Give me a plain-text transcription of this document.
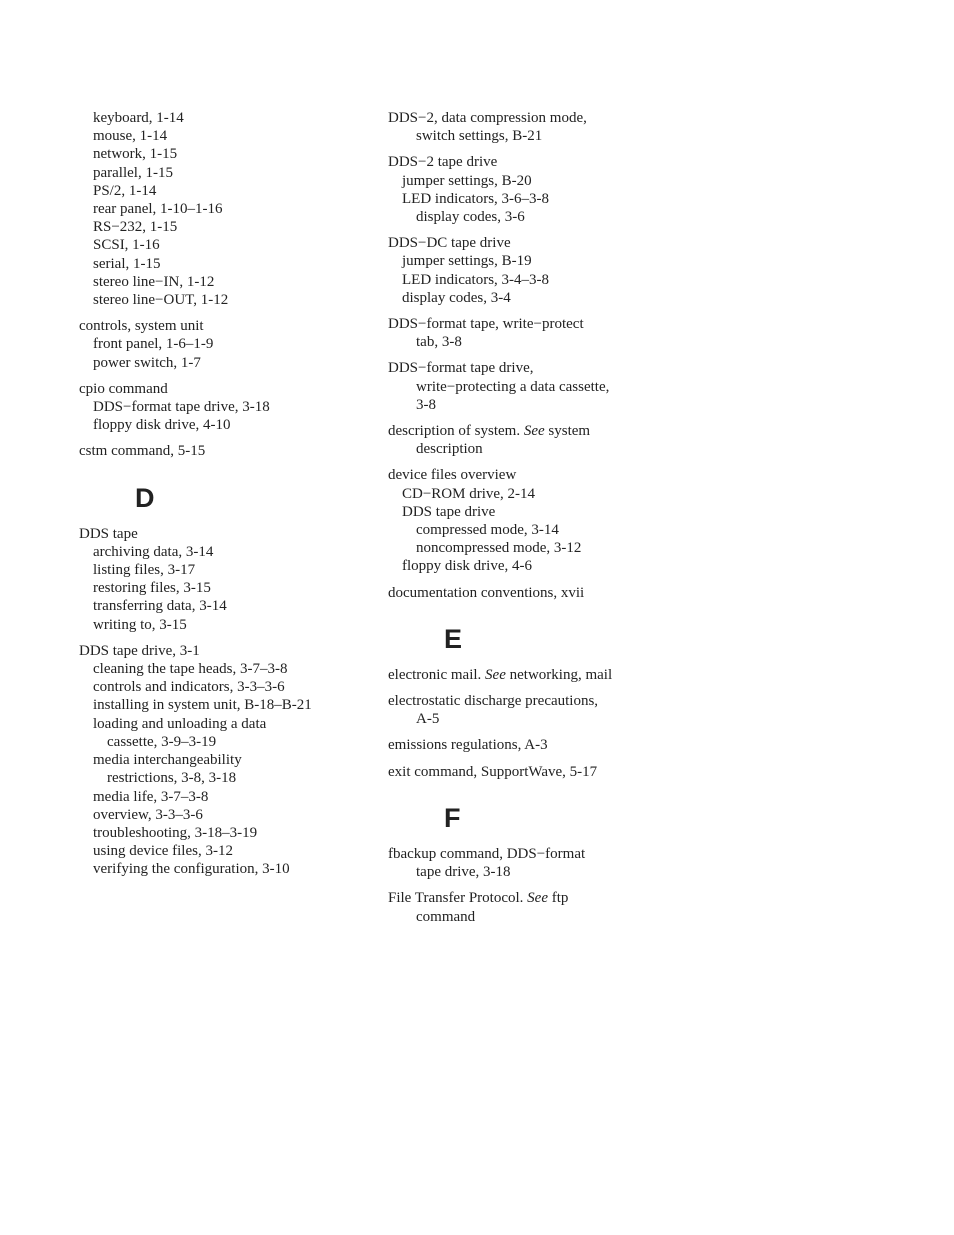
keyboard, 1-14
mouse, 1-14
network, 1-15
parallel, 1-15
PS/2, 1-14
rear panel, 1-10–1-16
RS−232, 1-15
SCSI, 1-16
serial, 1-15
stereo line−IN, 1-12
stereo line−OUT, 1-12
controls, system unit
front panel, 1-6–1-9
power switch, 1-7
cpio command
DDS−format tape drive, 3-18
floppy disk drive, 4-10
cstm command, 5-15
D
DDS tape
archiving data, 3-14
listing files, 3-17
restoring files, 3-15
transferring data, 3-14
writing to, 3-15
DDS tape drive, 3-1
cleaning the tape heads, 3-7–3-8
controls and indicators, 3-3–3-6
installing in system unit, B-18–B-21
loading and unloading a data
cassette, 3-9–3-19
media interchangeability
restrictions, 3-8, 3-18
media life, 3-7–3-8
overview, 3-3–3-6
troubleshooting, 3-18–3-19
using device files, 3-12
verifying the configuration, 3-10
DDS−2, data compression mode,
switch settings, B-21
DDS−2 tape drive
jumper settings, B-20
LED indicators, 3-6–3-8
display codes, 3-6
DDS−DC tape drive
jumper settings, B-19
LED indicators, 3-4–3-8
display codes, 3-4
DDS−format tape, write−protect
tab, 3-8
DDS−format tape drive,
write−protecting a data cassette,
3-8
description of system. See system
description
device files overview
CD−ROM drive, 2-14
DDS tape drive
compressed mode, 3-14
noncompressed mode, 3-12
floppy disk drive, 4-6
documentation conventions, xvii
E
electronic mail. See networking, mail
electrostatic discharge precautions,
A-5
emissions regulations, A-3
exit command, SupportWave, 5-17
F
fbackup command, DDS−format
tape drive, 3-18
File Transfer Protocol. See ftp
command
